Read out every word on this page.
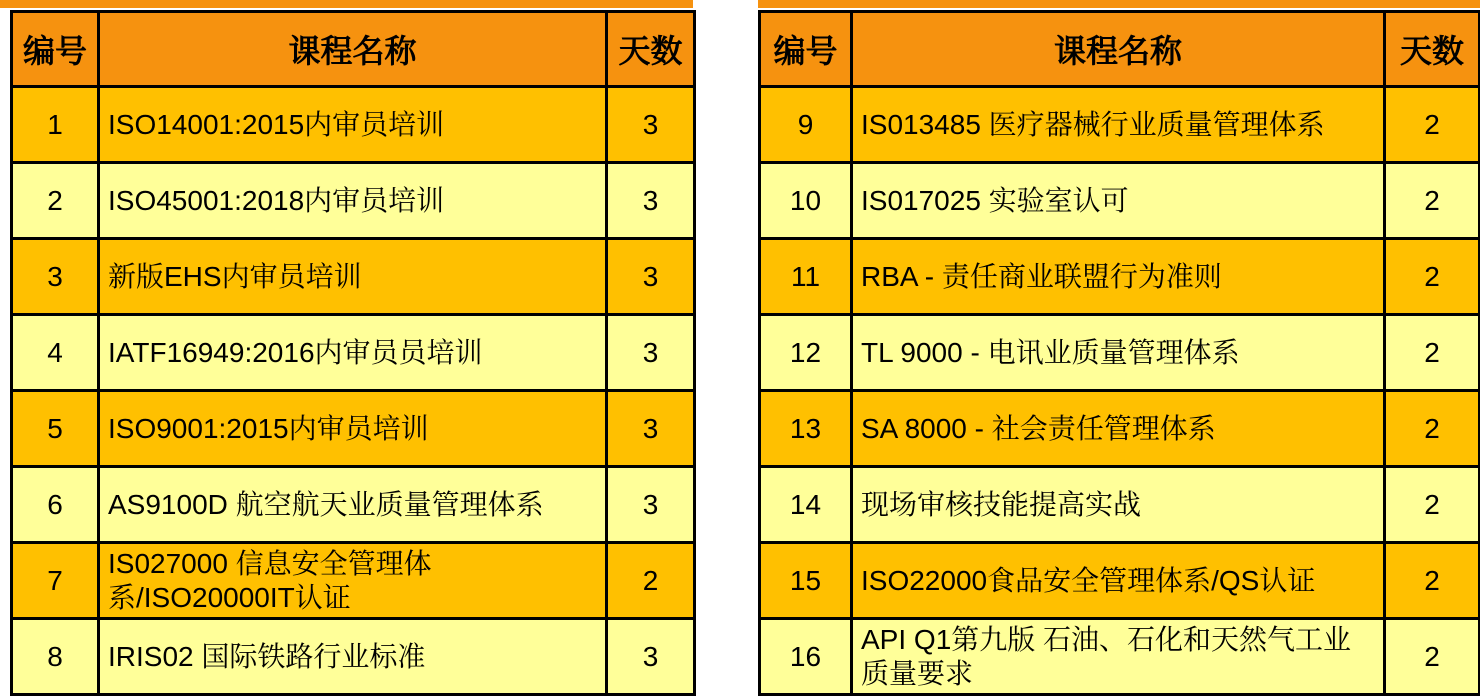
编号	课程名称	天数
1	ISO14001:2015内审员培训	3
2	ISO45001:2018内审员培训	3
3	新版EHS内审员培训	3
4	IATF16949:2016内审员员培训	3
5	ISO9001:2015内审员培训	3
6	AS9100D 航空航天业质量管理体系	3
7	IS027000 信息安全管理体系/ISO20000IT认证	2
8	IRIS02 国际铁路行业标准	3
编号	课程名称	天数
9	IS013485 医疗器械行业质量管理体系	2
10	IS017025 实验室认可	2
11	RBA - 责任商业联盟行为准则	2
12	TL 9000 - 电讯业质量管理体系	2
13	SA 8000 - 社会责任管理体系	2
14	现场审核技能提高实战	2
15	ISO22000食品安全管理体系/QS认证	2
16	API Q1第九版 石油、石化和天然气工业质量要求	2
